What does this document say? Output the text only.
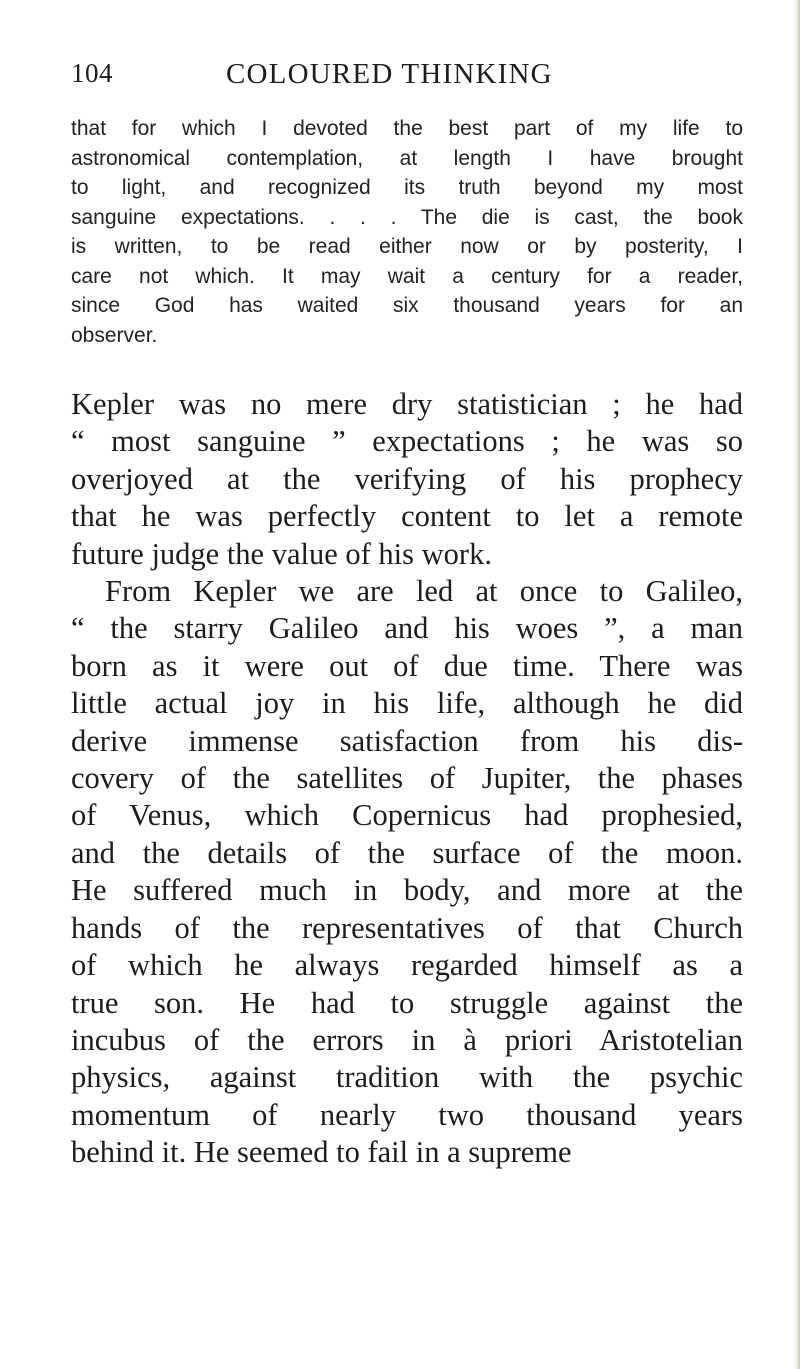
104	COLOURED THINKING
that for which I devoted the best part of my life to
astronomical contemplation, at length I have brought
to light, and recognized its truth beyond my most
sanguine expectations. . . . The die is cast, the book
is written, to be read either now or by posterity, I
care not which. It may wait a century for a reader,
since God has waited six thousand years for an
observer.
Kepler was no mere dry statistician ; he had
“ most sanguine ” expectations ; he was so
overjoyed at the verifying of his prophecy
that he was perfectly content to let a remote
future judge the value of his work.
From Kepler we are led at once to Galileo,
“ the starry Galileo and his woes ”, a man
born as it were out of due time. There was
little actual joy in his life, although he did
derive immense satisfaction from his dis-
covery of the satellites of Jupiter, the phases
of Venus, which Copernicus had prophesied,
and the details of the surface of the moon.
He suffered much in body, and more at the
hands of the representatives of that Church
of which he always regarded himself as a
true son. He had to struggle against the
incubus of the errors in à priori Aristotelian
physics, against tradition with the psychic
momentum of nearly two thousand years
behind it. He seemed to fail in a supreme
